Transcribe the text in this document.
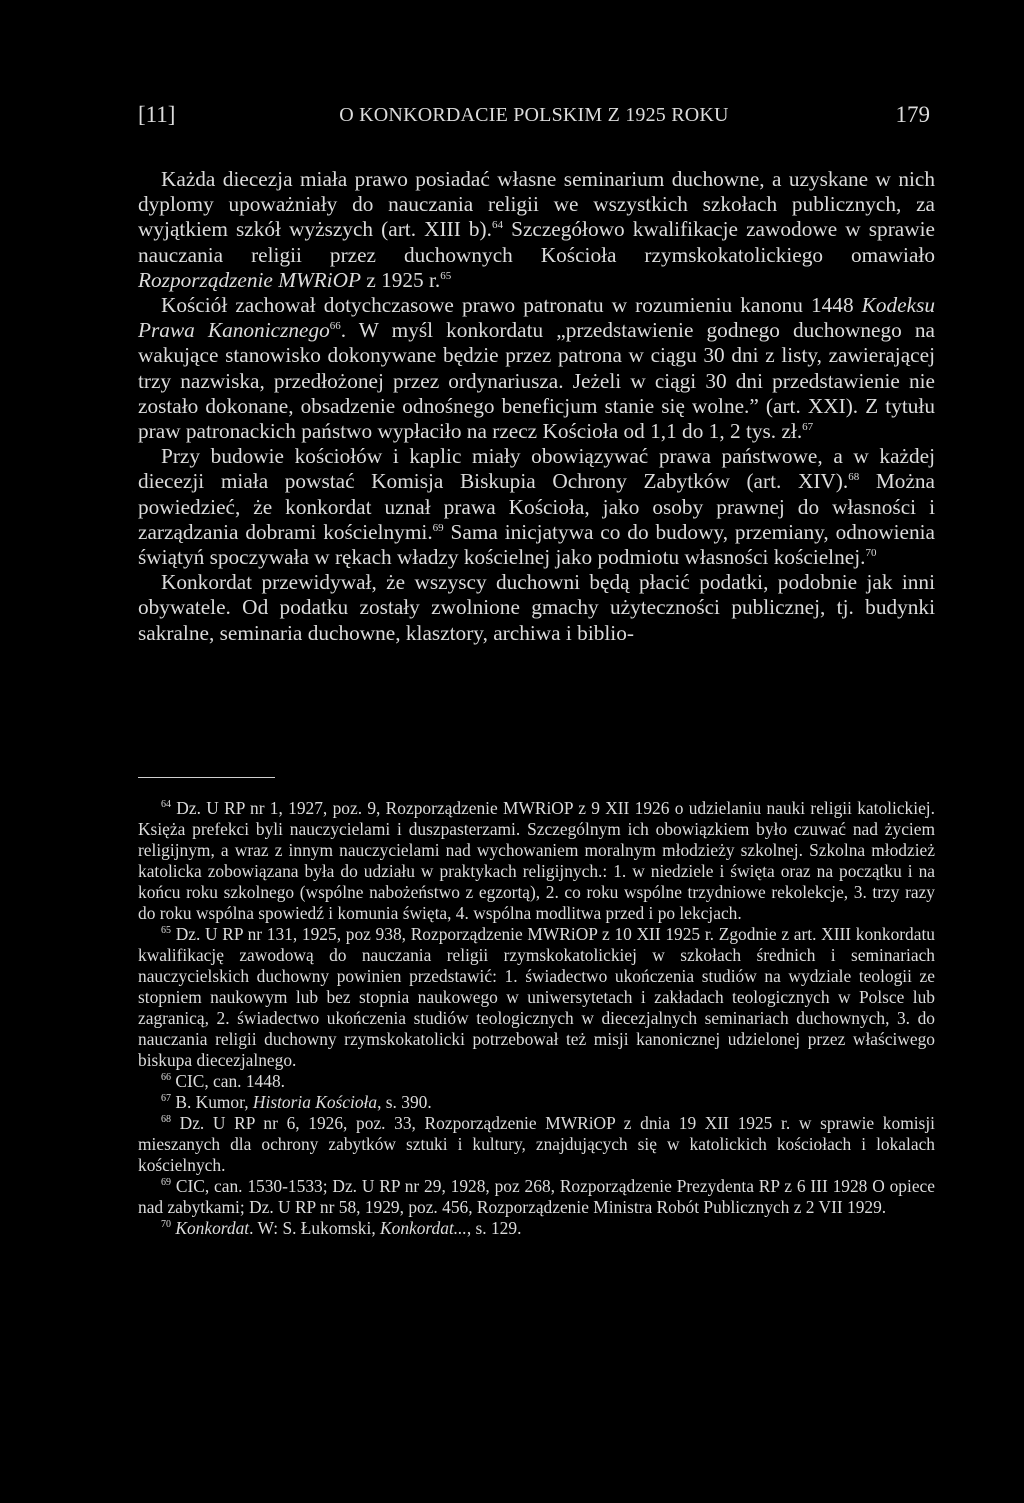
[11]	O KONKORDACIE POLSKIM Z 1925 ROKU	179

Każda diecezja miała prawo posiadać własne seminarium duchowne, a uzyskane w nich dyplomy upoważniały do nauczania religii we wszystkich szkołach publicznych, za wyjątkiem szkół wyższych (art. XIII b).$^{64}$ Szczegółowo kwalifikacje zawodowe w sprawie nauczania religii przez duchownych Kościoła rzymskokatolickiego omawiało Rozporządzenie MWRiOP z 1925 r.$^{65}$

Kościół zachował dotychczasowe prawo patronatu w rozumieniu kanonu 1448 Kodeksu Prawa Kanonicznego$^{66}$. W myśl konkordatu „przedstawienie godnego duchownego na wakujące stanowisko dokonywane będzie przez patrona w ciągu 30 dni z listy, zawierającej trzy nazwiska, przedłożonej przez ordynariusza. Jeżeli w ciągi 30 dni przedstawienie nie zostało dokonane, obsadzenie odnośnego beneficjum stanie się wolne.” (art. XXI). Z tytułu praw patronackich państwo wypłaciło na rzecz Kościoła od 1,1 do 1, 2 tys. zł.$^{67}$

Przy budowie kościołów i kaplic miały obowiązywać prawa państwowe, a w każdej diecezji miała powstać Komisja Biskupia Ochrony Zabytków (art. XIV).$^{68}$ Można powiedzieć, że konkordat uznał prawa Kościoła, jako osoby prawnej do własności i zarządzania dobrami kościelnymi.$^{69}$ Sama inicjatywa co do budowy, przemiany, odnowienia świątyń spoczywała w rękach władzy kościelnej jako podmiotu własności kościelnej.$^{70}$

Konkordat przewidywał, że wszyscy duchowni będą płacić podatki, podobnie jak inni obywatele. Od podatku zostały zwolnione gmachy użyteczności publicznej, tj. budynki sakralne, seminaria duchowne, klasztory, archiwa i biblio-

$^{64}$ Dz. U RP nr 1, 1927, poz. 9, Rozporządzenie MWRiOP z 9 XII 1926 o udzielaniu nauki religii katolickiej. Księża prefekci byli nauczycielami i duszpasterzami. Szczególnym ich obowiązkiem było czuwać nad życiem religijnym, a wraz z innym nauczycielami nad wychowaniem moralnym młodzieży szkolnej. Szkolna młodzież katolicka zobowiązana była do udziału w praktykach religijnych.: 1. w niedziele i święta oraz na początku i na końcu roku szkolnego (wspólne nabożeństwo z egzortą), 2. co roku wspólne trzydniowe rekolekcje, 3. trzy razy do roku wspólna spowiedź i komunia święta, 4. wspólna modlitwa przed i po lekcjach.

$^{65}$ Dz. U RP nr 131, 1925, poz 938, Rozporządzenie MWRiOP z 10 XII 1925 r. Zgodnie z art. XIII konkordatu kwalifikację zawodową do nauczania religii rzymskokatolickiej w szkołach średnich i seminariach nauczycielskich duchowny powinien przedstawić: 1. świadectwo ukończenia studiów na wydziale teologii ze stopniem naukowym lub bez stopnia naukowego w uniwersytetach i zakładach teologicznych w Polsce lub zagranicą, 2. świadectwo ukończenia studiów teologicznych w diecezjalnych seminariach duchownych, 3. do nauczania religii duchowny rzymskokatolicki potrzebował też misji kanonicznej udzielonej przez właściwego biskupa diecezjalnego.

$^{66}$ CIC, can. 1448.

$^{67}$ B. Kumor, Historia Kościoła, s. 390.

$^{68}$ Dz. U RP nr 6, 1926, poz. 33, Rozporządzenie MWRiOP z dnia 19 XII 1925 r. w sprawie komisji mieszanych dla ochrony zabytków sztuki i kultury, znajdujących się w katolickich kościołach i lokalach kościelnych.

$^{69}$ CIC, can. 1530-1533; Dz. U RP nr 29, 1928, poz 268, Rozporządzenie Prezydenta RP z 6 III 1928 O opiece nad zabytkami; Dz. U RP nr 58, 1929, poz. 456, Rozporządzenie Ministra Robót Publicznych z 2 VII 1929.

$^{70}$ Konkordat. W: S. Łukomski, Konkordat..., s. 129.
